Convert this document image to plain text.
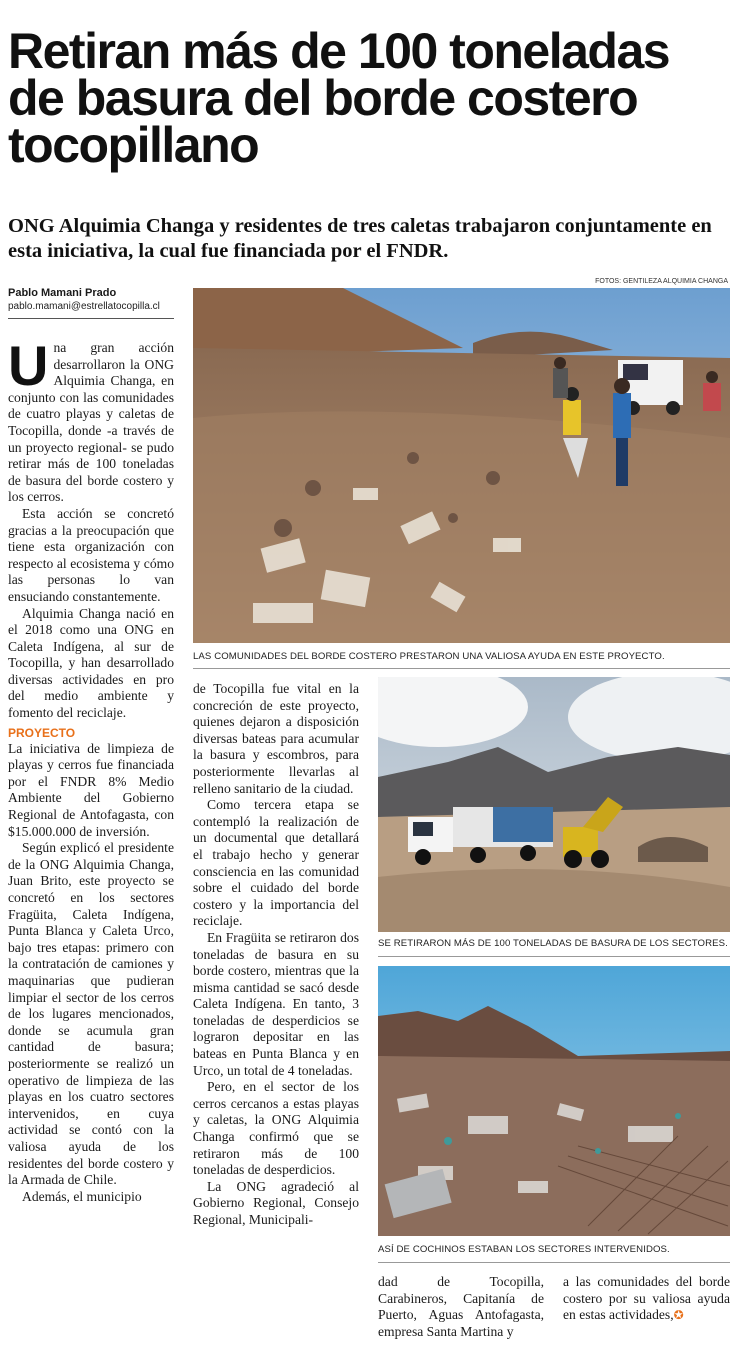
Retiran más de 100 toneladas de basura del borde costero tocopillano
ONG Alquimia Changa y residentes de tres caletas trabajaron conjuntamente en esta iniciativa, la cual fue financiada por el FNDR.
FOTOS: GENTILEZA ALQUIMIA CHANGA
Pablo Mamani Prado
pablo.mamani@estrellatocopilla.cl

Una gran acción desarrollaron la ONG Alquimia Changa, en conjunto con las comunidades de cuatro playas y caletas de Tocopilla, donde -a través de un proyecto regional- se pudo retirar más de 100 toneladas de basura del borde costero y los cerros.

Esta acción se concretó gracias a la preocupación que tiene esta organización con respecto al ecosistema y cómo las personas lo van ensuciando constantemente.

Alquimia Changa nació en el 2018 como una ONG en Caleta Indígena, al sur de Tocopilla, y han desarrollado diversas actividades en pro del medio ambiente y fomento del reciclaje.

PROYECTO

La iniciativa de limpieza de playas y cerros fue financiada por el FNDR 8% Medio Ambiente del Gobierno Regional de Antofagasta, con $15.000.000 de inversión.

Según explicó el presidente de la ONG Alquimia Changa, Juan Brito, este proyecto se concretó en los sectores Fragüita, Caleta Indígena, Punta Blanca y Caleta Urco, bajo tres etapas: primero con la contratación de camiones y maquinarias que pudieran limpiar el sector de los cerros de los lugares mencionados, donde se acumula gran cantidad de basura; posteriormente se realizó un operativo de limpieza de las playas en los cuatro sectores intervenidos, en cuya actividad se contó con la valiosa ayuda de los residentes del borde costero y la Armada de Chile.

Además, el municipio

LAS COMUNIDADES DEL BORDE COSTERO PRESTARON UNA VALIOSA AYUDA EN ESTE PROYECTO.

de Tocopilla fue vital en la concreción de este proyecto, quienes dejaron a disposición diversas bateas para acumular la basura y escombros, para posteriormente llevarlas al relleno sanitario de la ciudad.

Como tercera etapa se contempló la realización de un documental que detallará el trabajo hecho y generar consciencia en las comunidad sobre el cuidado del borde costero y la importancia del reciclaje.

En Fragüita se retiraron dos toneladas de basura en su borde costero, mientras que la misma cantidad se sacó desde Caleta Indígena. En tanto, 3 toneladas de desperdicios se lograron depositar en las bateas en Punta Blanca y en Urco, un total de 4 toneladas.

Pero, en el sector de los cerros cercanos a estas playas y caletas, la ONG Alquimia Changa confirmó que se retiraron más de 100 toneladas de desperdicios.

La ONG agradeció al Gobierno Regional, Consejo Regional, Municipali-

SE RETIRARON MÁS DE 100 TONELADAS DE BASURA DE LOS SECTORES.
ASÍ DE COCHINOS ESTABAN LOS SECTORES INTERVENIDOS.

dad de Tocopilla, Carabineros, Capitanía de Puerto, Aguas Antofagasta, empresa Santa Martina y

a las comunidades del borde costero por su valiosa ayuda en estas actividades,✪
